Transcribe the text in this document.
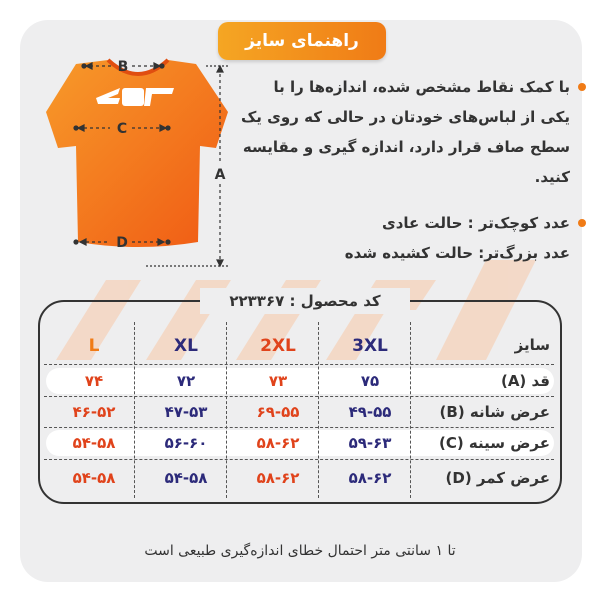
راهنمای سایز
B
C
D
A
با کمک نقاط مشخص شده، اندازه‌ها را با یکی از لباس‌های خودتان در حالی که روی یک سطح صاف قرار دارد، اندازه گیری و مقایسه کنید.
عدد کوچک‌تر : حالت عادی
عدد بزرگ‌تر: حالت کشیده شده
کد محصول : ۲۲۳۳۶۷
3XL
2XL
XL
L	سایز
قد (A)
۷۵
۷۳
۷۲
۷۴
عرض شانه (B)
۴۹-۵۵
۶۹-۵۵
۴۷-۵۳
۴۶-۵۲
عرض سینه (C)
۵۹-۶۳
۵۸-۶۲
۵۶-۶۰
۵۴-۵۸
عرض کمر (D)
۵۸-۶۲
۵۸-۶۲
۵۴-۵۸
۵۴-۵۸
تا ۱ سانتی متر احتمال خطای اندازه‌گیری طبیعی است
